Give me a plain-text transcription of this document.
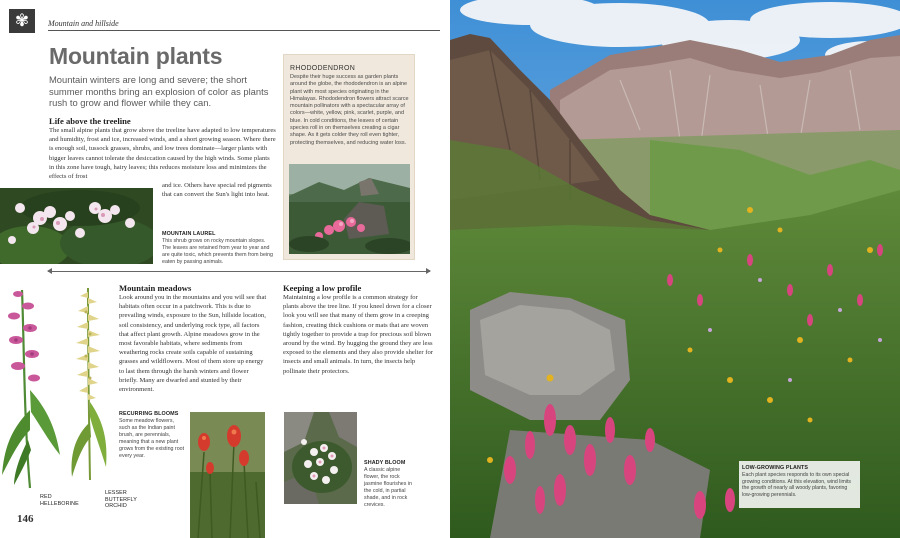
✾	Mountain and hillside
Mountain plants
Mountain winters are long and severe; the short summer months bring an explosion of color as plants rush to grow and flower while they can.
Life above the treeline
The small alpine plants that grow above the treeline have adapted to low temperatures and humidity, frost and ice, increased winds, and a short growing season. Where there is enough soil, tussock grasses, shrubs, and low trees dominate—larger plants with bigger leaves cannot tolerate the desiccation caused by the high winds. Some plants in this zone have tough, hairy leaves; this reduces moisture loss and minimizes the effects of frost
and ice. Others have special red pigments that can convert the Sun's light into heat.
MOUNTAIN LAUREL
This shrub grows on rocky mountain slopes. The leaves are retained from year to year and are quite toxic, which prevents them from being eaten by passing animals.
RHODODENDRON
Despite their huge success as garden plants around the globe, the rhododendron is an alpine plant with most species originating in the Himalayas. Rhododendron flowers attract scarce mountain pollinators with a spectacular array of colors—white, yellow, pink, scarlet, purple, and blue. In cold conditions, the leaves of certain species roll in on themselves creating a cigar shape. As it gets colder they roll even tighter, protecting themselves, and reducing water loss.
Mountain meadows
Look around you in the mountains and you will see that habitats often occur in a patchwork. This is due to prevailing winds, exposure to the Sun, hillside location, soil consistency, and underlying rock type, all factors that affect plant growth. Alpine meadows grow in the most favorable habitats, where sediments from weathering rocks create soils capable of sustaining grasses and wildflowers. Most of them store up energy to last them through the harsh winters and flower briefly. Many are dwarfed and stunted by their environment.
Keeping a low profile
Maintaining a low profile is a common strategy for plants above the tree line. If you kneel down for a closer look you will see that many of them grow in a creeping fashion, creating thick cushions or mats that are woven tightly together to provide a trap for precious soil blown around by the wind. By hugging the ground they are less exposed to the elements and they also provide shelter for insects and small animals. In turn, the insects help pollinate their protectors.
RED HELLEBORINE
LESSER BUTTERFLY ORCHID
RECURRING BLOOMS
Some meadow flowers, such as the Indian paint brush, are perennials, meaning that a new plant grows from the existing root every year.
SHADY BLOOM
A classic alpine flower, the rock jasmine flourishes in the cold, in partial shade, and in rock crevices.
146
LOW-GROWING PLANTS
Each plant species responds to its own special growing conditions. At this elevation, wind limits the growth of nearly all woody plants, favoring low-growing perennials.
